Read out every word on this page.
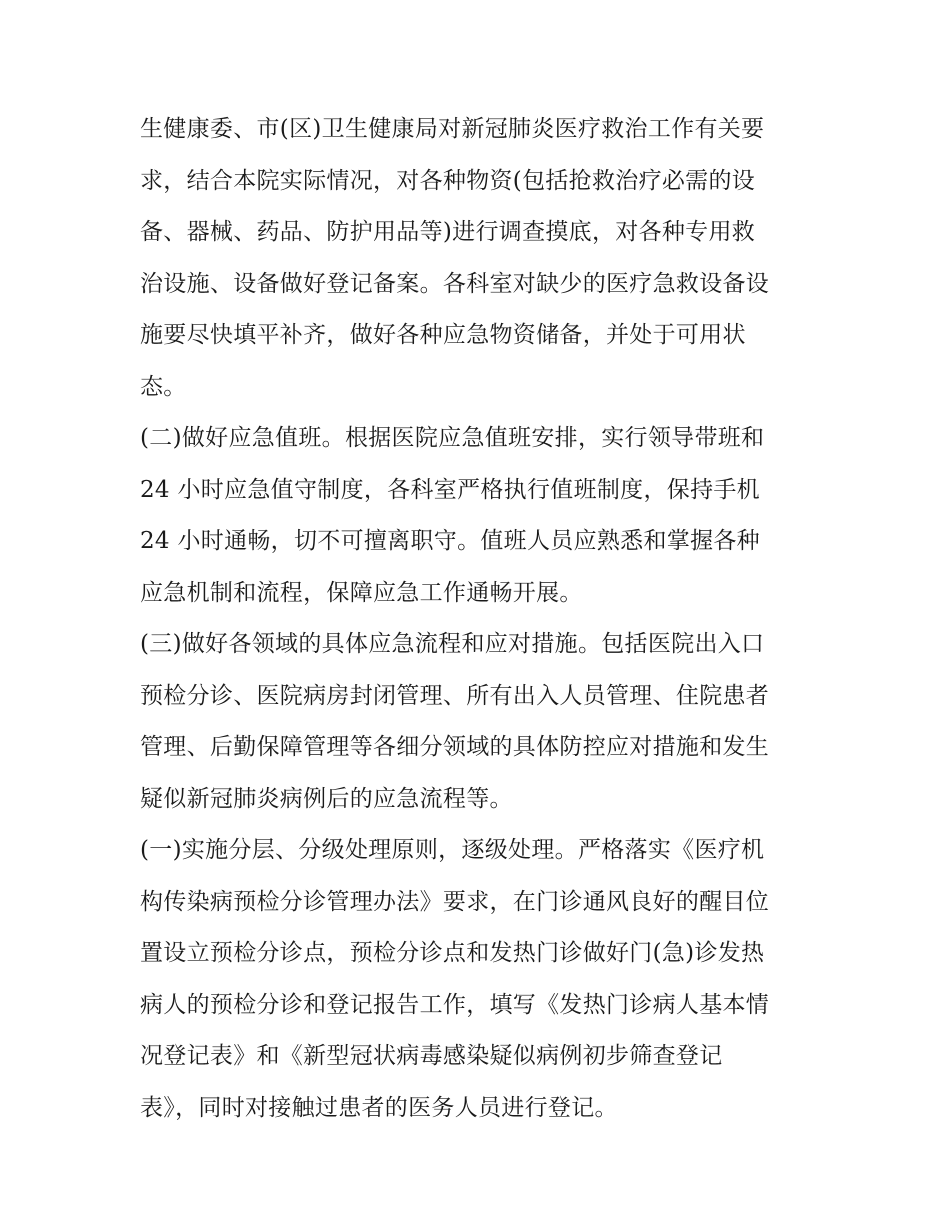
生健康委、市(区)卫生健康局对新冠肺炎医疗救治工作有关要
求，结合本院实际情况，对各种物资(包括抢救治疗必需的设
备、器械、药品、防护用品等)进行调查摸底，对各种专用救
治设施、设备做好登记备案。各科室对缺少的医疗急救设备设
施要尽快填平补齐，做好各种应急物资储备，并处于可用状
态。
(二)做好应急值班。根据医院应急值班安排，实行领导带班和
24 小时应急值守制度，各科室严格执行值班制度，保持手机
24 小时通畅，切不可擅离职守。值班人员应熟悉和掌握各种
应急机制和流程，保障应急工作通畅开展。
(三)做好各领域的具体应急流程和应对措施。包括医院出入口
预检分诊、医院病房封闭管理、所有出入人员管理、住院患者
管理、后勤保障管理等各细分领域的具体防控应对措施和发生
疑似新冠肺炎病例后的应急流程等。
(一)实施分层、分级处理原则，逐级处理。严格落实《医疗机
构传染病预检分诊管理办法》要求，在门诊通风良好的醒目位
置设立预检分诊点，预检分诊点和发热门诊做好门(急)诊发热
病人的预检分诊和登记报告工作，填写《发热门诊病人基本情
况登记表》和《新型冠状病毒感染疑似病例初步筛查登记
表》，同时对接触过患者的医务人员进行登记。
